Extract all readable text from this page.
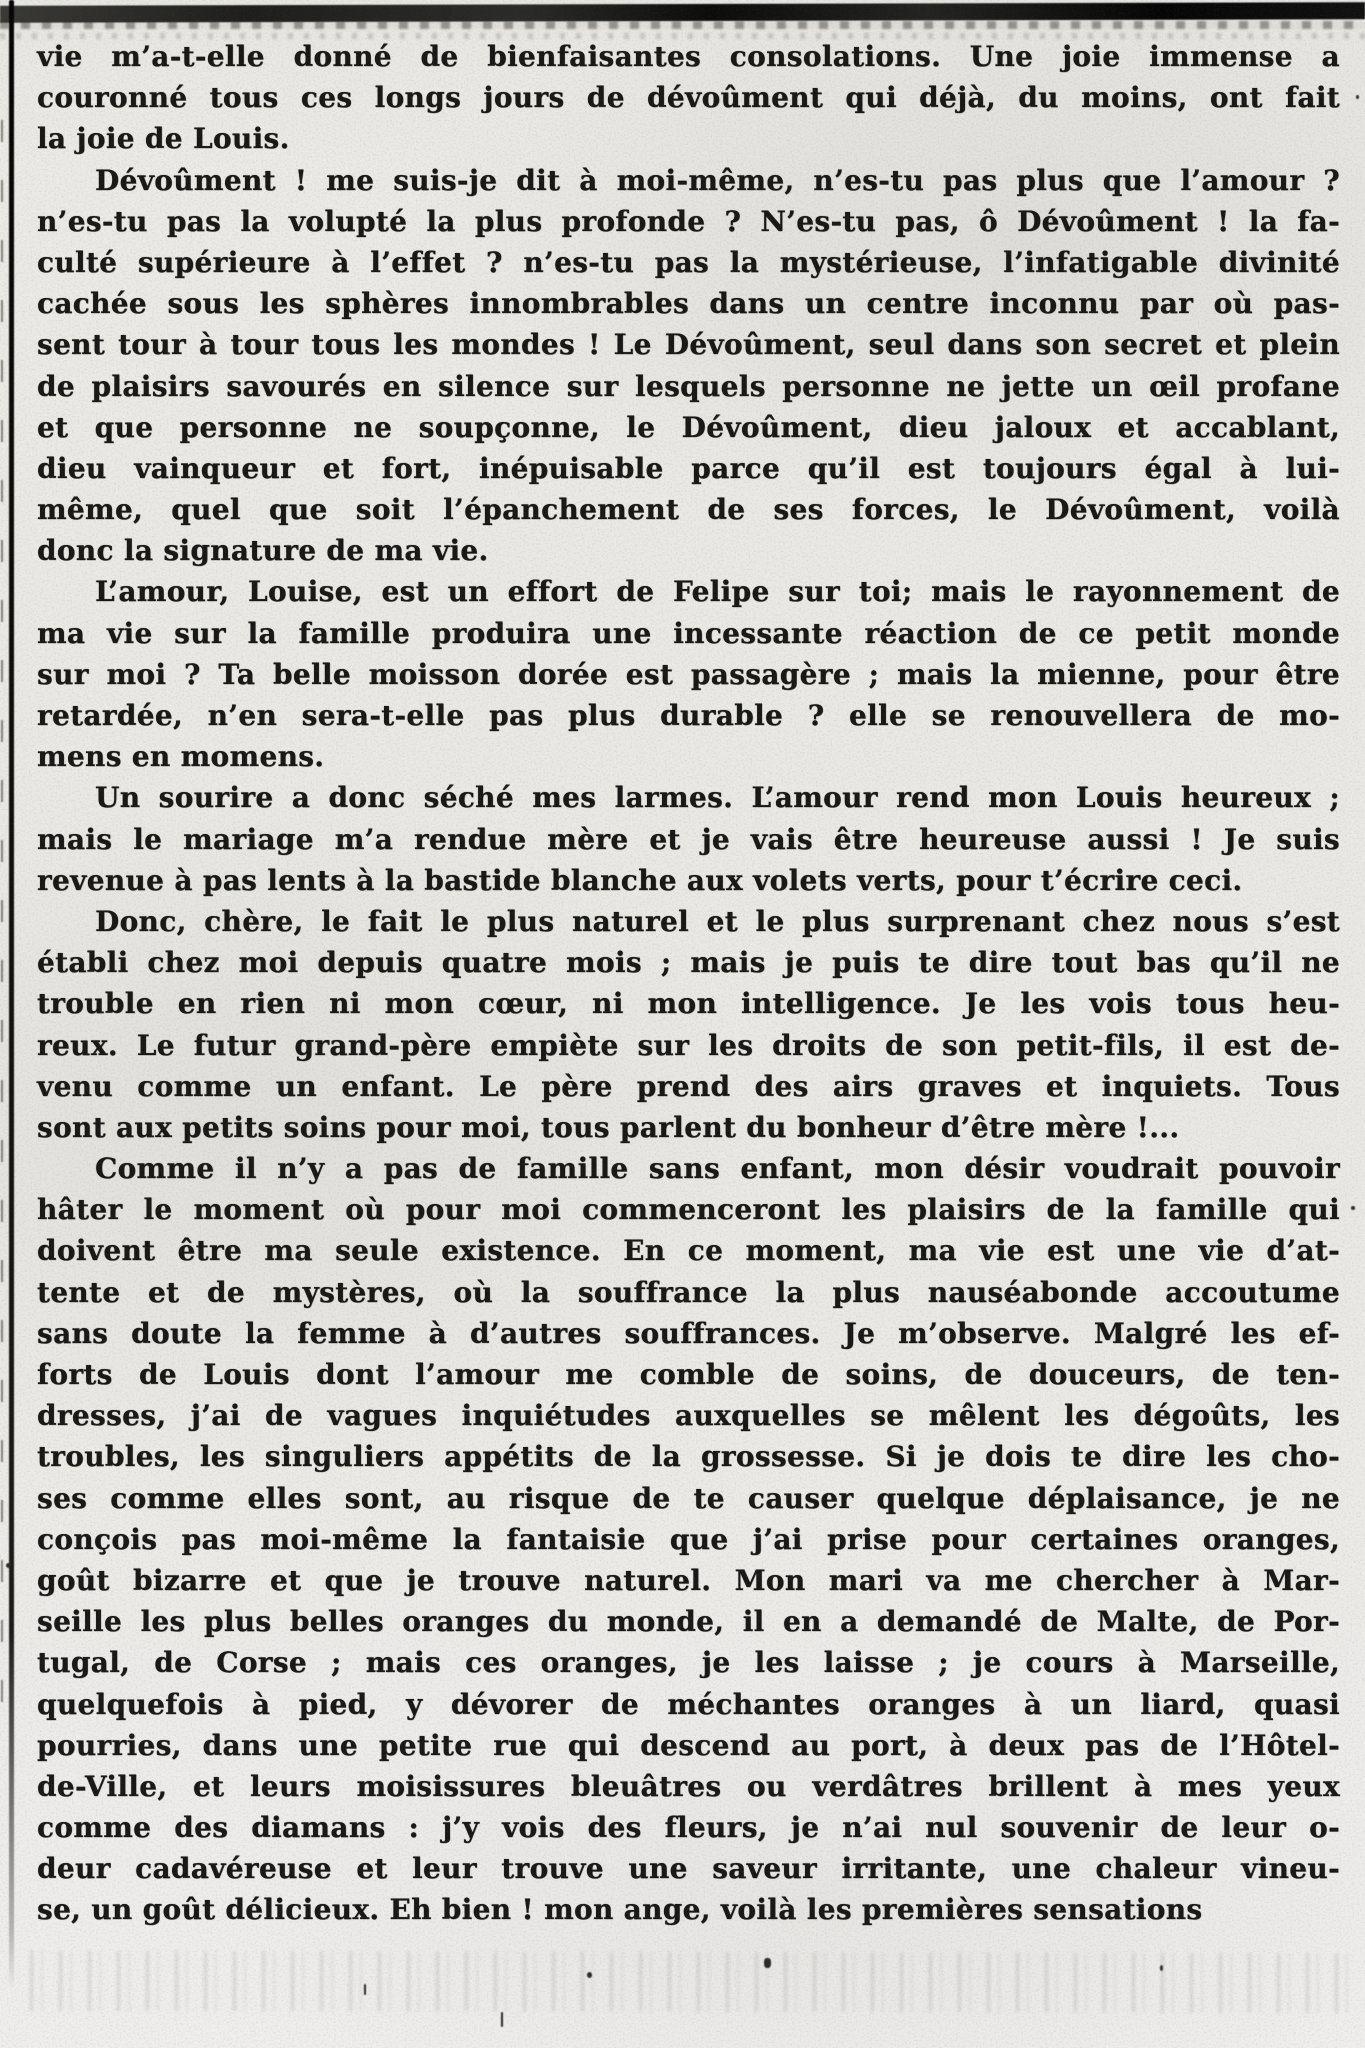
vie m’a-t-elle donné de bienfaisantes consolations. Une joie immense a
couronné tous ces longs jours de dévoûment qui déjà, du moins, ont fait
la joie de Louis.
Dévoûment ! me suis-je dit à moi-même, n’es-tu pas plus que l’amour ?
n’es-tu pas la volupté la plus profonde ? N’es-tu pas, ô Dévoûment ! la fa-
culté supérieure à l’effet ? n’es-tu pas la mystérieuse, l’infatigable divinité
cachée sous les sphères innombrables dans un centre inconnu par où pas-
sent tour à tour tous les mondes ! Le Dévoûment, seul dans son secret et plein
de plaisirs savourés en silence sur lesquels personne ne jette un œil profane
et que personne ne soupçonne, le Dévoûment, dieu jaloux et accablant,
dieu vainqueur et fort, inépuisable parce qu’il est toujours égal à lui-
même, quel que soit l’épanchement de ses forces, le Dévoûment, voilà
donc la signature de ma vie.
L’amour, Louise, est un effort de Felipe sur toi; mais le rayonnement de
ma vie sur la famille produira une incessante réaction de ce petit monde
sur moi ? Ta belle moisson dorée est passagère ; mais la mienne, pour être
retardée, n’en sera-t-elle pas plus durable ? elle se renouvellera de mo-
mens en momens.
Un sourire a donc séché mes larmes. L’amour rend mon Louis heureux ;
mais le mariage m’a rendue mère et je vais être heureuse aussi ! Je suis
revenue à pas lents à la bastide blanche aux volets verts, pour t’écrire ceci.
Donc, chère, le fait le plus naturel et le plus surprenant chez nous s’est
établi chez moi depuis quatre mois ; mais je puis te dire tout bas qu’il ne
trouble en rien ni mon cœur, ni mon intelligence. Je les vois tous heu-
reux. Le futur grand-père empiète sur les droits de son petit-fils, il est de-
venu comme un enfant. Le père prend des airs graves et inquiets. Tous
sont aux petits soins pour moi, tous parlent du bonheur d’être mère !...
Comme il n’y a pas de famille sans enfant, mon désir voudrait pouvoir
hâter le moment où pour moi commenceront les plaisirs de la famille qui
doivent être ma seule existence. En ce moment, ma vie est une vie d’at-
tente et de mystères, où la souffrance la plus nauséabonde accoutume
sans doute la femme à d’autres souffrances. Je m’observe. Malgré les ef-
forts de Louis dont l’amour me comble de soins, de douceurs, de ten-
dresses, j’ai de vagues inquiétudes auxquelles se mêlent les dégoûts, les
troubles, les singuliers appétits de la grossesse. Si je dois te dire les cho-
ses comme elles sont, au risque de te causer quelque déplaisance, je ne
conçois pas moi-même la fantaisie que j’ai prise pour certaines oranges,
goût bizarre et que je trouve naturel. Mon mari va me chercher à Mar-
seille les plus belles oranges du monde, il en a demandé de Malte, de Por-
tugal, de Corse ; mais ces oranges, je les laisse ; je cours à Marseille,
quelquefois à pied, y dévorer de méchantes oranges à un liard, quasi
pourries, dans une petite rue qui descend au port, à deux pas de l’Hôtel-
de-Ville, et leurs moisissures bleuâtres ou verdâtres brillent à mes yeux
comme des diamans : j’y vois des fleurs, je n’ai nul souvenir de leur o-
deur cadavéreuse et leur trouve une saveur irritante, une chaleur vineu-
se, un goût délicieux. Eh bien ! mon ange, voilà les premières sensations
